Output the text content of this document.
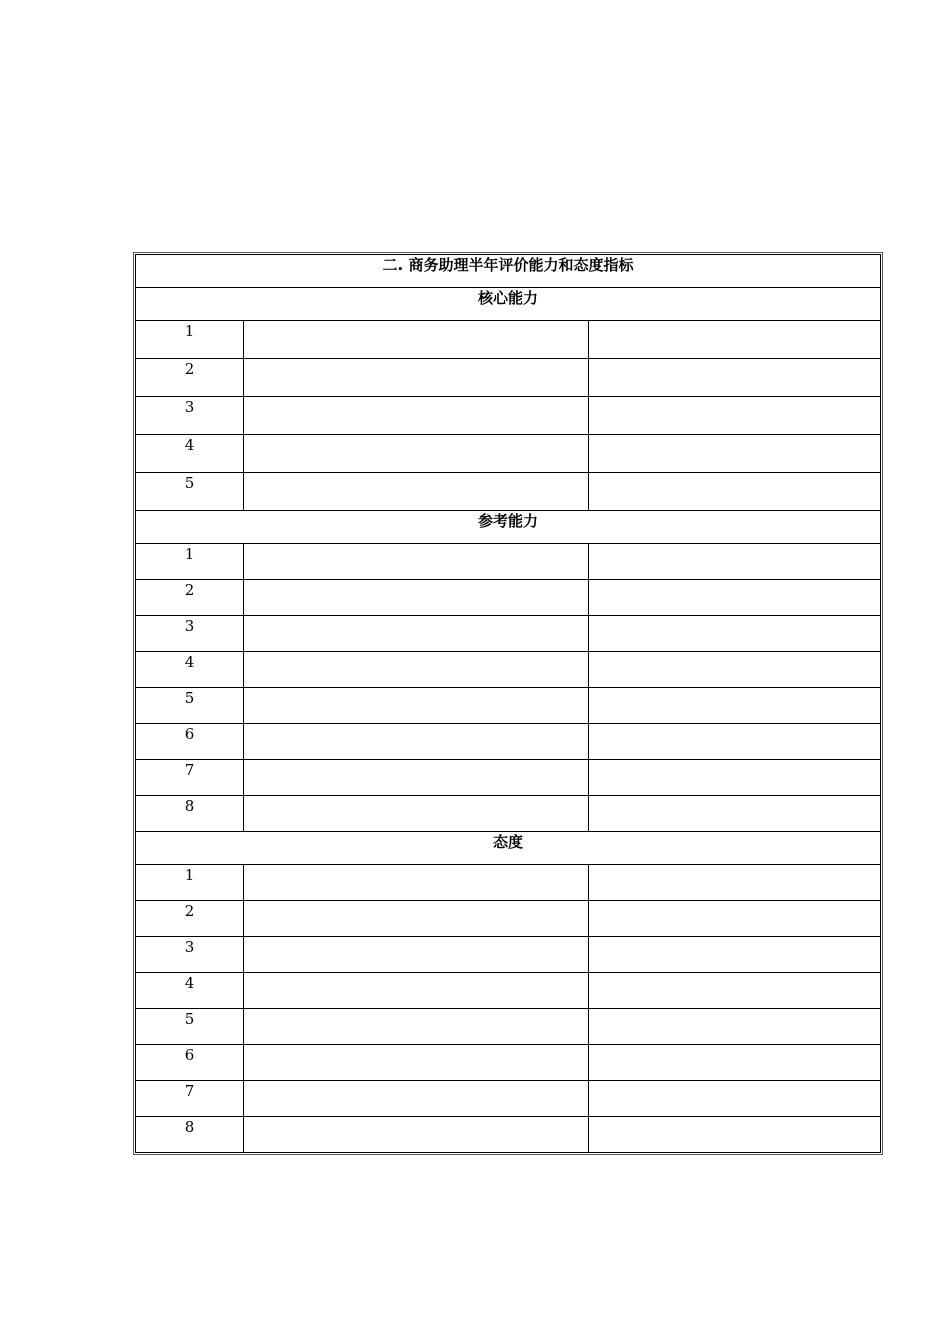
二. 商务助理半年评价能力和态度指标		
核心能力		
1		
2		
3		
4		
5		
参考能力		
1		
2		
3		
4		
5		
6		
7		
8		
态度		
1		
2		
3		
4		
5		
6		
7		
8		
